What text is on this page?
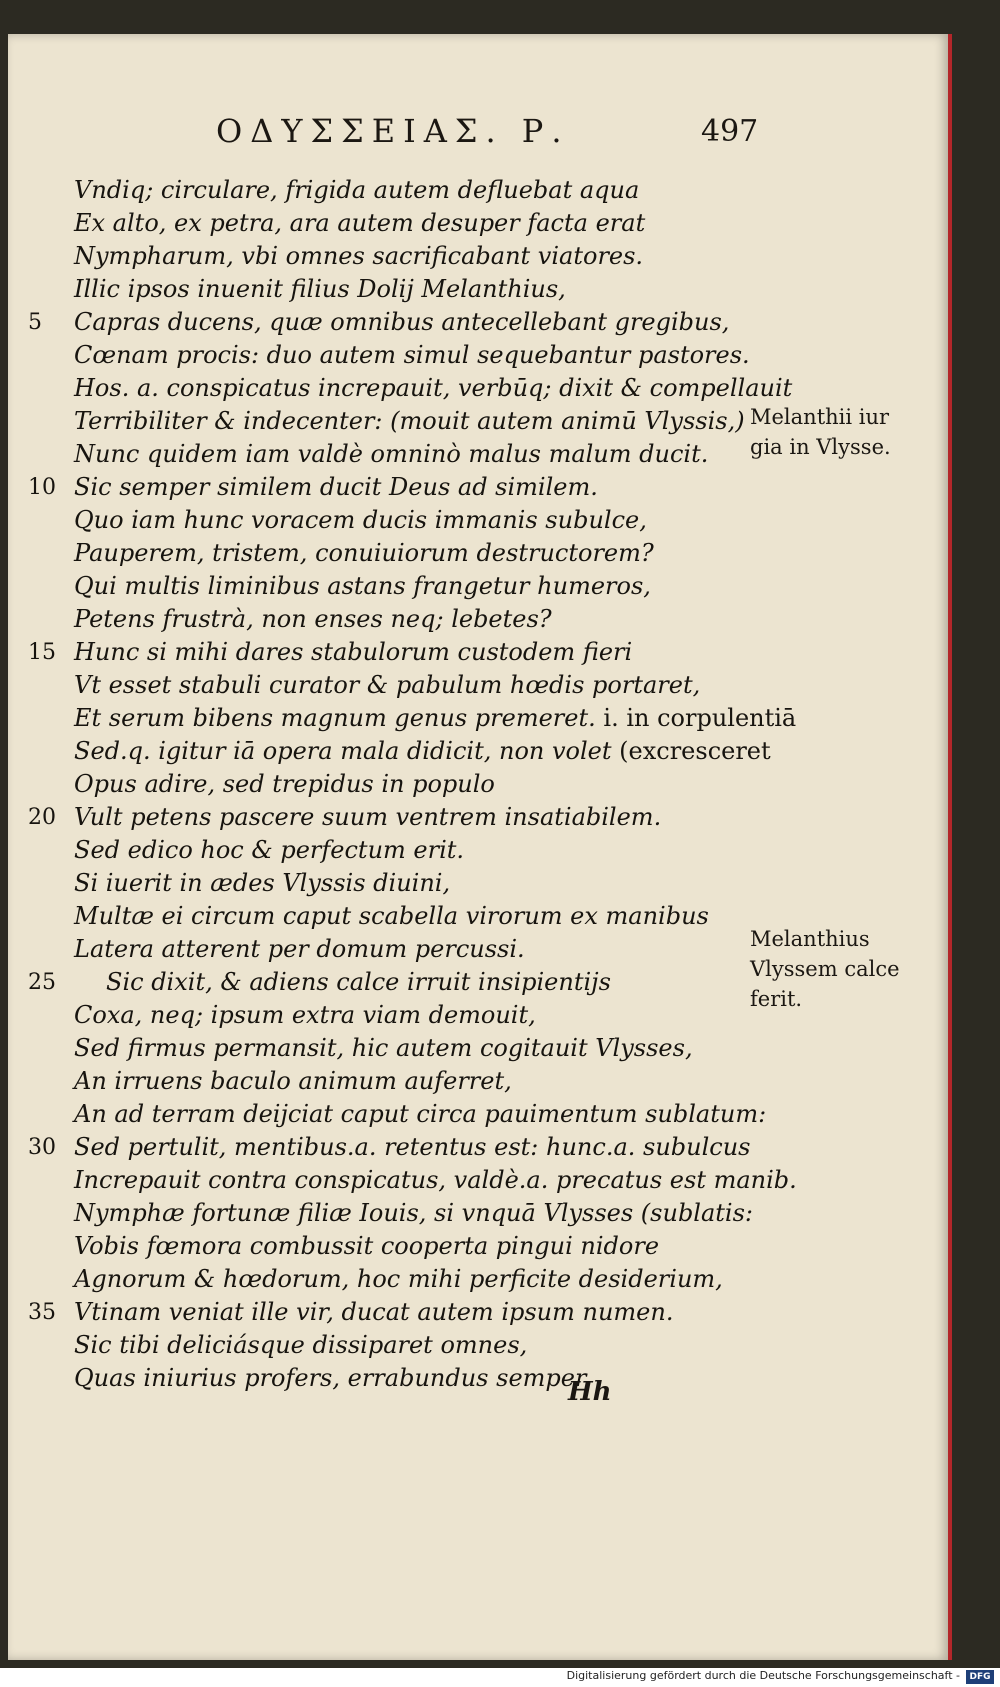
ΟΔΥΣΣΕΙΑΣ. Ρ.	497
Vndiq; circulare, frigida autem defluebat aqua
Ex alto, ex petra, ara autem desuper facta erat
Nympharum, vbi omnes sacrificabant viatores.
Illic ipsos inuenit filius Dolij Melanthius,
5	Capras ducens, quæ omnibus antecellebant gregibus,
Cœnam procis: duo autem simul sequebantur pastores.
Hos. a. conspicatus increpauit, verbūq; dixit & compellauit
Terribiliter & indecenter: (mouit autem animū Vlyssis,)
Nunc quidem iam valdè omninò malus malum ducit.
10 Sic semper similem ducit Deus ad similem.
Quo iam hunc voracem ducis immanis subulce,
Pauperem, tristem, conuiuiorum destructorem?
Qui multis liminibus astans frangetur humeros,
Petens frustrà, non enses neq; lebetes?
15 Hunc si mihi dares stabulorum custodem fieri
Vt esset stabuli curator & pabulum hœdis portaret,
Et serum bibens magnum genus premeret. i. in corpulentiā
Sed.q. igitur iā opera mala didicit, non volet (excresceret
Opus adire, sed trepidus in populo
20 Vult petens pascere suum ventrem insatiabilem.
Sed edico hoc & perfectum erit.
Si iuerit in ædes Vlyssis diuini,
Multæ ei circum caput scabella virorum ex manibus
Latera atterent per domum percussi.
25	Sic dixit, & adiens calce irruit insipientijs
Coxa, neq; ipsum extra viam demouit,
Sed firmus permansit, hic autem cogitauit Vlysses,
An irruens baculo animum auferret,
An ad terram deijciat caput circa pauimentum sublatum:
30 Sed pertulit, mentibus.a. retentus est: hunc.a. subulcus
Increpauit contra conspicatus, valdè.a. precatus est manib.
Nymphæ fortunæ filiæ Iouis, si vnquā Vlysses (sublatis:
Vobis fœmora combussit cooperta pingui nidore
Agnorum & hœdorum, hoc mihi perficite desiderium,
35 Vtinam veniat ille vir, ducat autem ipsum numen.
Sic tibi deliciásque dissiparet omnes,
Quas iniurius profers, errabundus semper
Melanthii iur
gia in Vlysse.
Melanthius
Vlyssem calce
ferit.
Hh
Digitalisierung gefördert durch die Deutsche Forschungsgemeinschaft -	DFG
